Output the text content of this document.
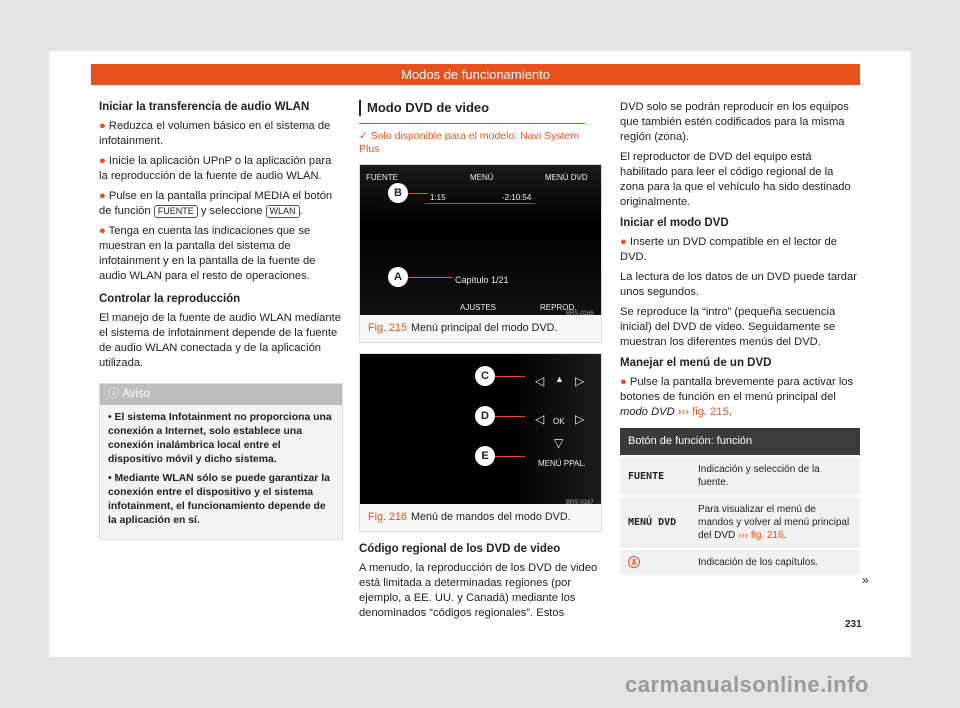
Modos de funcionamiento
Iniciar la transferencia de audio WLAN

● Reduzca el volumen básico en el sistema de infotainment.

● Inicie la aplicación UPnP o la aplicación para la reproducción de la fuente de audio WLAN.

● Pulse en la pantalla principal MEDIA el botón de función FUENTE y seleccione WLAN .

● Tenga en cuenta las indicaciones que se muestran en la pantalla del sistema de infotainment y en la pantalla de la fuente de audio WLAN para el resto de operaciones.

Controlar la reproducción

El manejo de la fuente de audio WLAN mediante el sistema de infotainment depende de la fuente de audio WLAN conectada y de la aplicación utilizada.

ⓘ Aviso

• El sistema Infotainment no proporciona una conexión a Internet, solo establece una conexión inalámbrica local entre el dispositivo móvil y dicho sistema.

• Mediante WLAN sólo se puede garantizar la conexión entre el dispositivo y el sistema infotainment, el funcionamiento depende de la aplicación en sí.

Modo DVD de video
✓ Solo disponible para el modelo: Navi System Plus
FUENTE	MENÚ	MENÚ DVD
1:15	-2:10:54
Capítulo 1/21
AJUSTES	REPROD.
B
A
BRS-0166
Fig. 215 Menú principal del modo DVD.
◁ ▲ ▷
◁ OK ▷
▽
MENÚ PPAL.
C
D
E
BRS-0167
Fig. 216 Menú de mandos del modo DVD.
Código regional de los DVD de video

A menudo, la reproducción de los DVD de video está limitada a determinadas regiones (por ejemplo, a EE. UU. y Canadá) mediante los denominados “códigos regionales”. Estos

DVD solo se podrán reproducir en los equipos que también estén codificados para la misma región (zona).

El reproductor de DVD del equipo está habilitado para leer el código regional de la zona para la que el vehículo ha sido destinado originalmente.

Iniciar el modo DVD

● Inserte un DVD compatible en el lector de DVD.

La lectura de los datos de un DVD puede tardar unos segundos.

Se reproduce la “intro” (pequeña secuencia inicial) del DVD de video. Seguidamente se muestran los diferentes menús del DVD.

Manejar el menú de un DVD

● Pulse la pantalla brevemente para activar los botones de función en el menú principal del modo DVD ››› fig. 215.

Botón de función: función	
FUENTE	Indicación y selección de la fuente.
MENÚ DVD	Para visualizar el menú de mandos y volver al menú principal del DVD ››› fig. 216.
A	Indicación de los capítulos.
»
231
carmanualsonline.info
